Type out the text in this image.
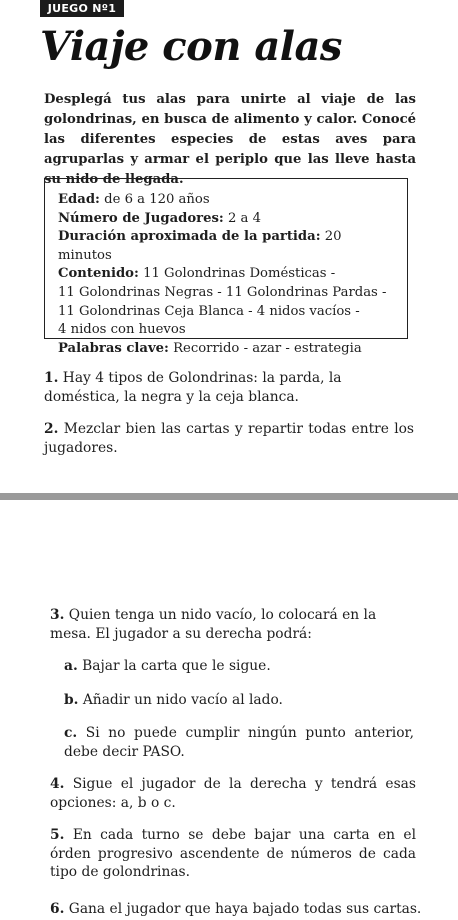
JUEGO Nº1
Viaje con alas

Desplegá tus alas para unirte al viaje de las golondrinas, en busca de alimento y calor. Conocé las diferentes especies de estas aves para agruparlas y armar el periplo que las lleve hasta su nido de llegada.

Edad: de 6 a 120 años

Número de Jugadores: 2 a 4

Duración aproximada de la partida: 20 minutos

Contenido: 11 Golondrinas Domésticas -

11 Golondrinas Negras - 11 Golondrinas Pardas -

11 Golondrinas Ceja Blanca - 4 nidos vacíos -

4 nidos con huevos

Palabras clave: Recorrido - azar - estrategia

1. Hay 4 tipos de Golondrinas: la parda, la doméstica, la negra y la ceja blanca.

2. Mezclar bien las cartas y repartir todas entre los jugadores.

3. Quien tenga un nido vacío, lo colocará en la mesa. El jugador a su derecha podrá:

a. Bajar la carta que le sigue.

b. Añadir un nido vacío al lado.

c. Si no puede cumplir ningún punto anterior, debe decir PASO.

4. Sigue el jugador de la derecha y tendrá esas opciones: a, b o c.

5. En cada turno se debe bajar una carta en el órden progresivo ascendente de números de cada tipo de golondrinas.

6. Gana el jugador que haya bajado todas sus cartas.
